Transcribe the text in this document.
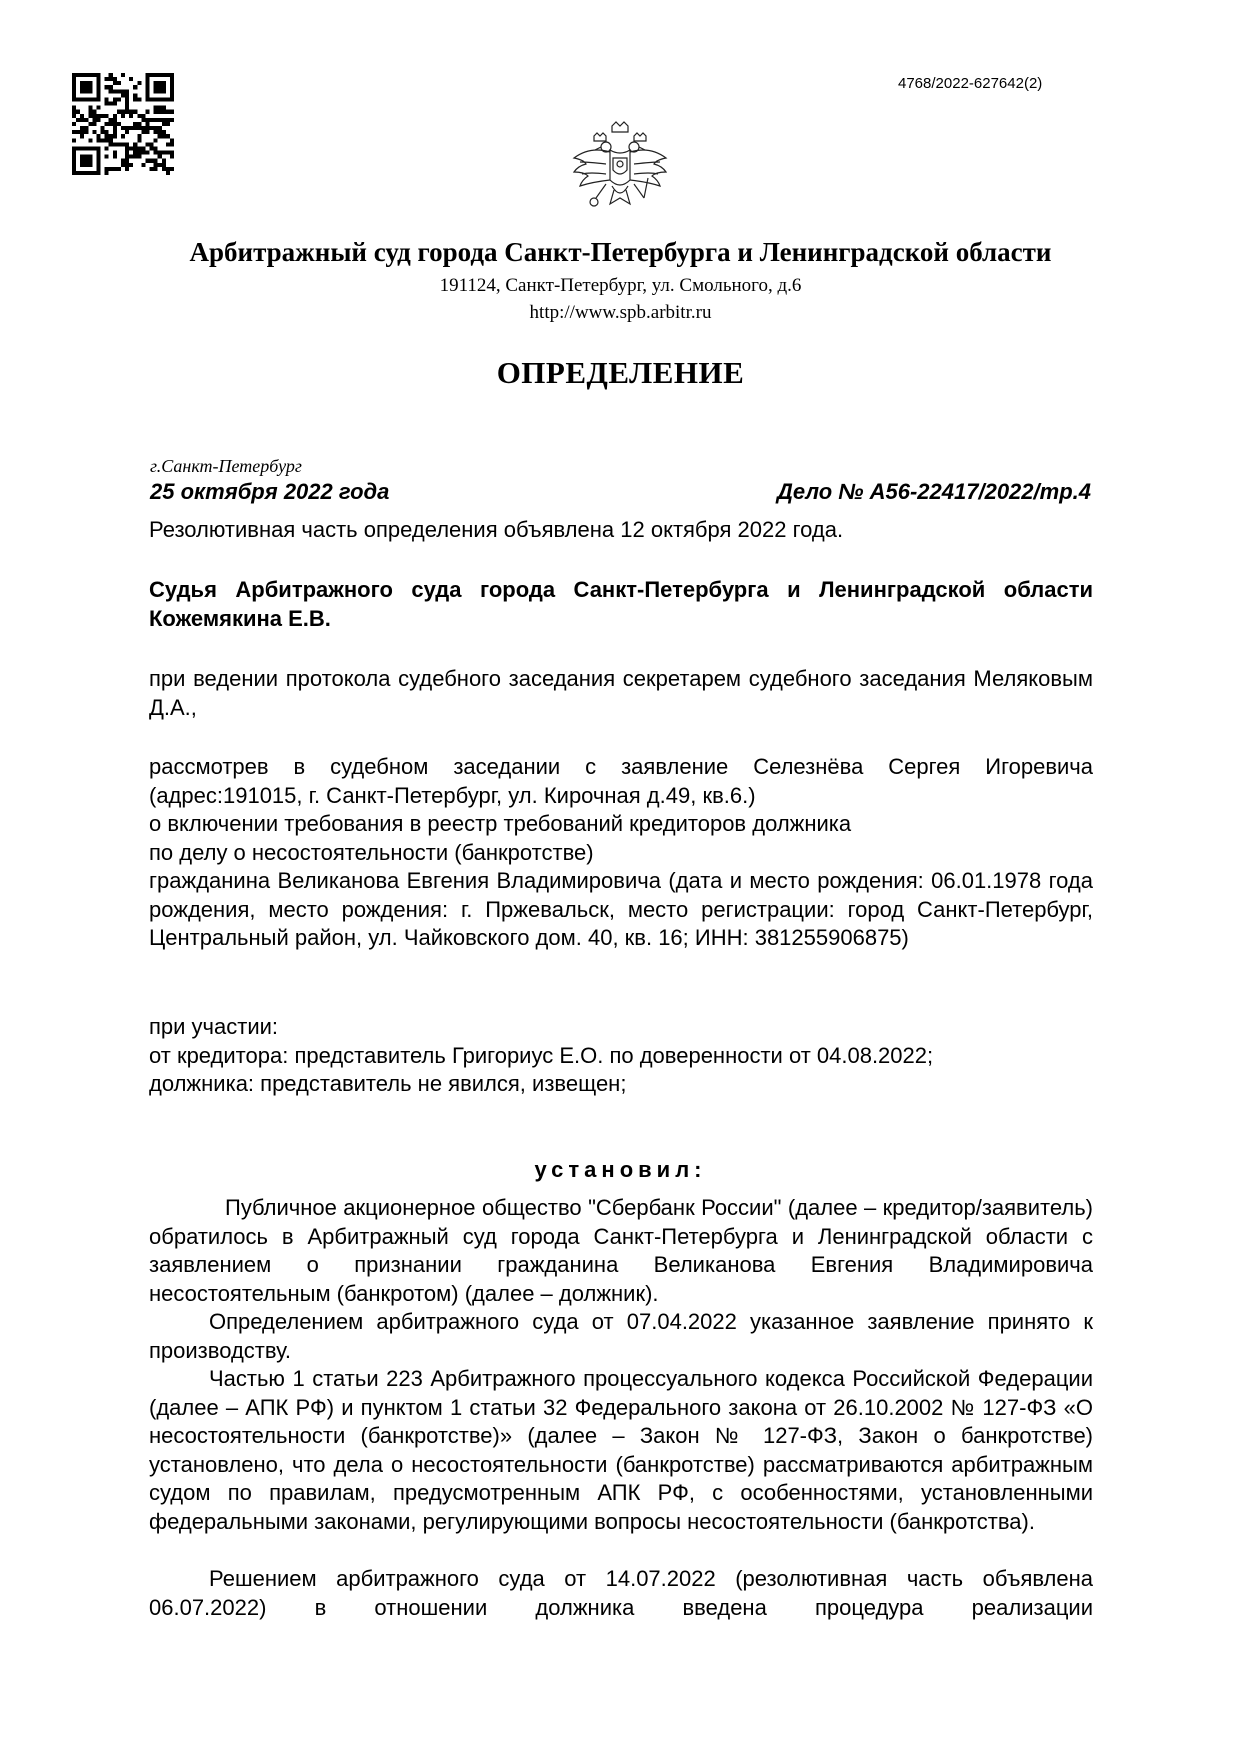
4768/2022-627642(2)
Арбитражный суд города Санкт-Петербурга и Ленинградской области
191124, Санкт-Петербург, ул. Смольного, д.6
http://www.spb.arbitr.ru
ОПРЕДЕЛЕНИЕ
г.Санкт-Петербург
25 октября 2022 года	Дело № А56-22417/2022/тр.4
Резолютивная часть определения объявлена 12 октября 2022 года.
Судья Арбитражного суда города Санкт-Петербурга и Ленинградской области Кожемякина Е.В.
при ведении протокола судебного заседания секретарем судебного заседания Меляковым Д.А.,
рассмотрев в судебном заседании с заявление Селезнёва Сергея Игоревича
(адрес:191015, г. Санкт-Петербург, ул. Кирочная д.49, кв.6.)
о включении требования в реестр требований кредиторов должника
по делу о несостоятельности (банкротстве)
гражданина Великанова Евгения Владимировича (дата и место рождения: 06.01.1978 года рождения, место рождения: г. Пржевальск, место регистрации: город Санкт-Петербург, Центральный район, ул. Чайковского дом. 40, кв. 16; ИНН: 381255906875)
при участии:
от кредитора: представитель Григориус Е.О. по доверенности от 04.08.2022;
должника: представитель не явился, извещен;
установил:
Публичное акционерное общество "Сбербанк России" (далее – кредитор/заявитель) обратилось в Арбитражный суд города Санкт-Петербурга и Ленинградской области с заявлением о признании гражданина Великанова Евгения Владимировича несостоятельным (банкротом) (далее – должник).
Определением арбитражного суда от 07.04.2022 указанное заявление принято к производству.
Частью 1 статьи 223 Арбитражного процессуального кодекса Российской Федерации (далее – АПК РФ) и пунктом 1 статьи 32 Федерального закона от 26.10.2002 № 127-ФЗ «О несостоятельности (банкротстве)» (далее – Закон № 127-ФЗ, Закон о банкротстве) установлено, что дела о несостоятельности (банкротстве) рассматриваются арбитражным судом по правилам, предусмотренным АПК РФ, с особенностями, установленными федеральными законами, регулирующими вопросы несостоятельности (банкротства).
Решением арбитражного суда от 14.07.2022 (резолютивная часть объявлена 06.07.2022) в отношении должника введена процедура реализации
